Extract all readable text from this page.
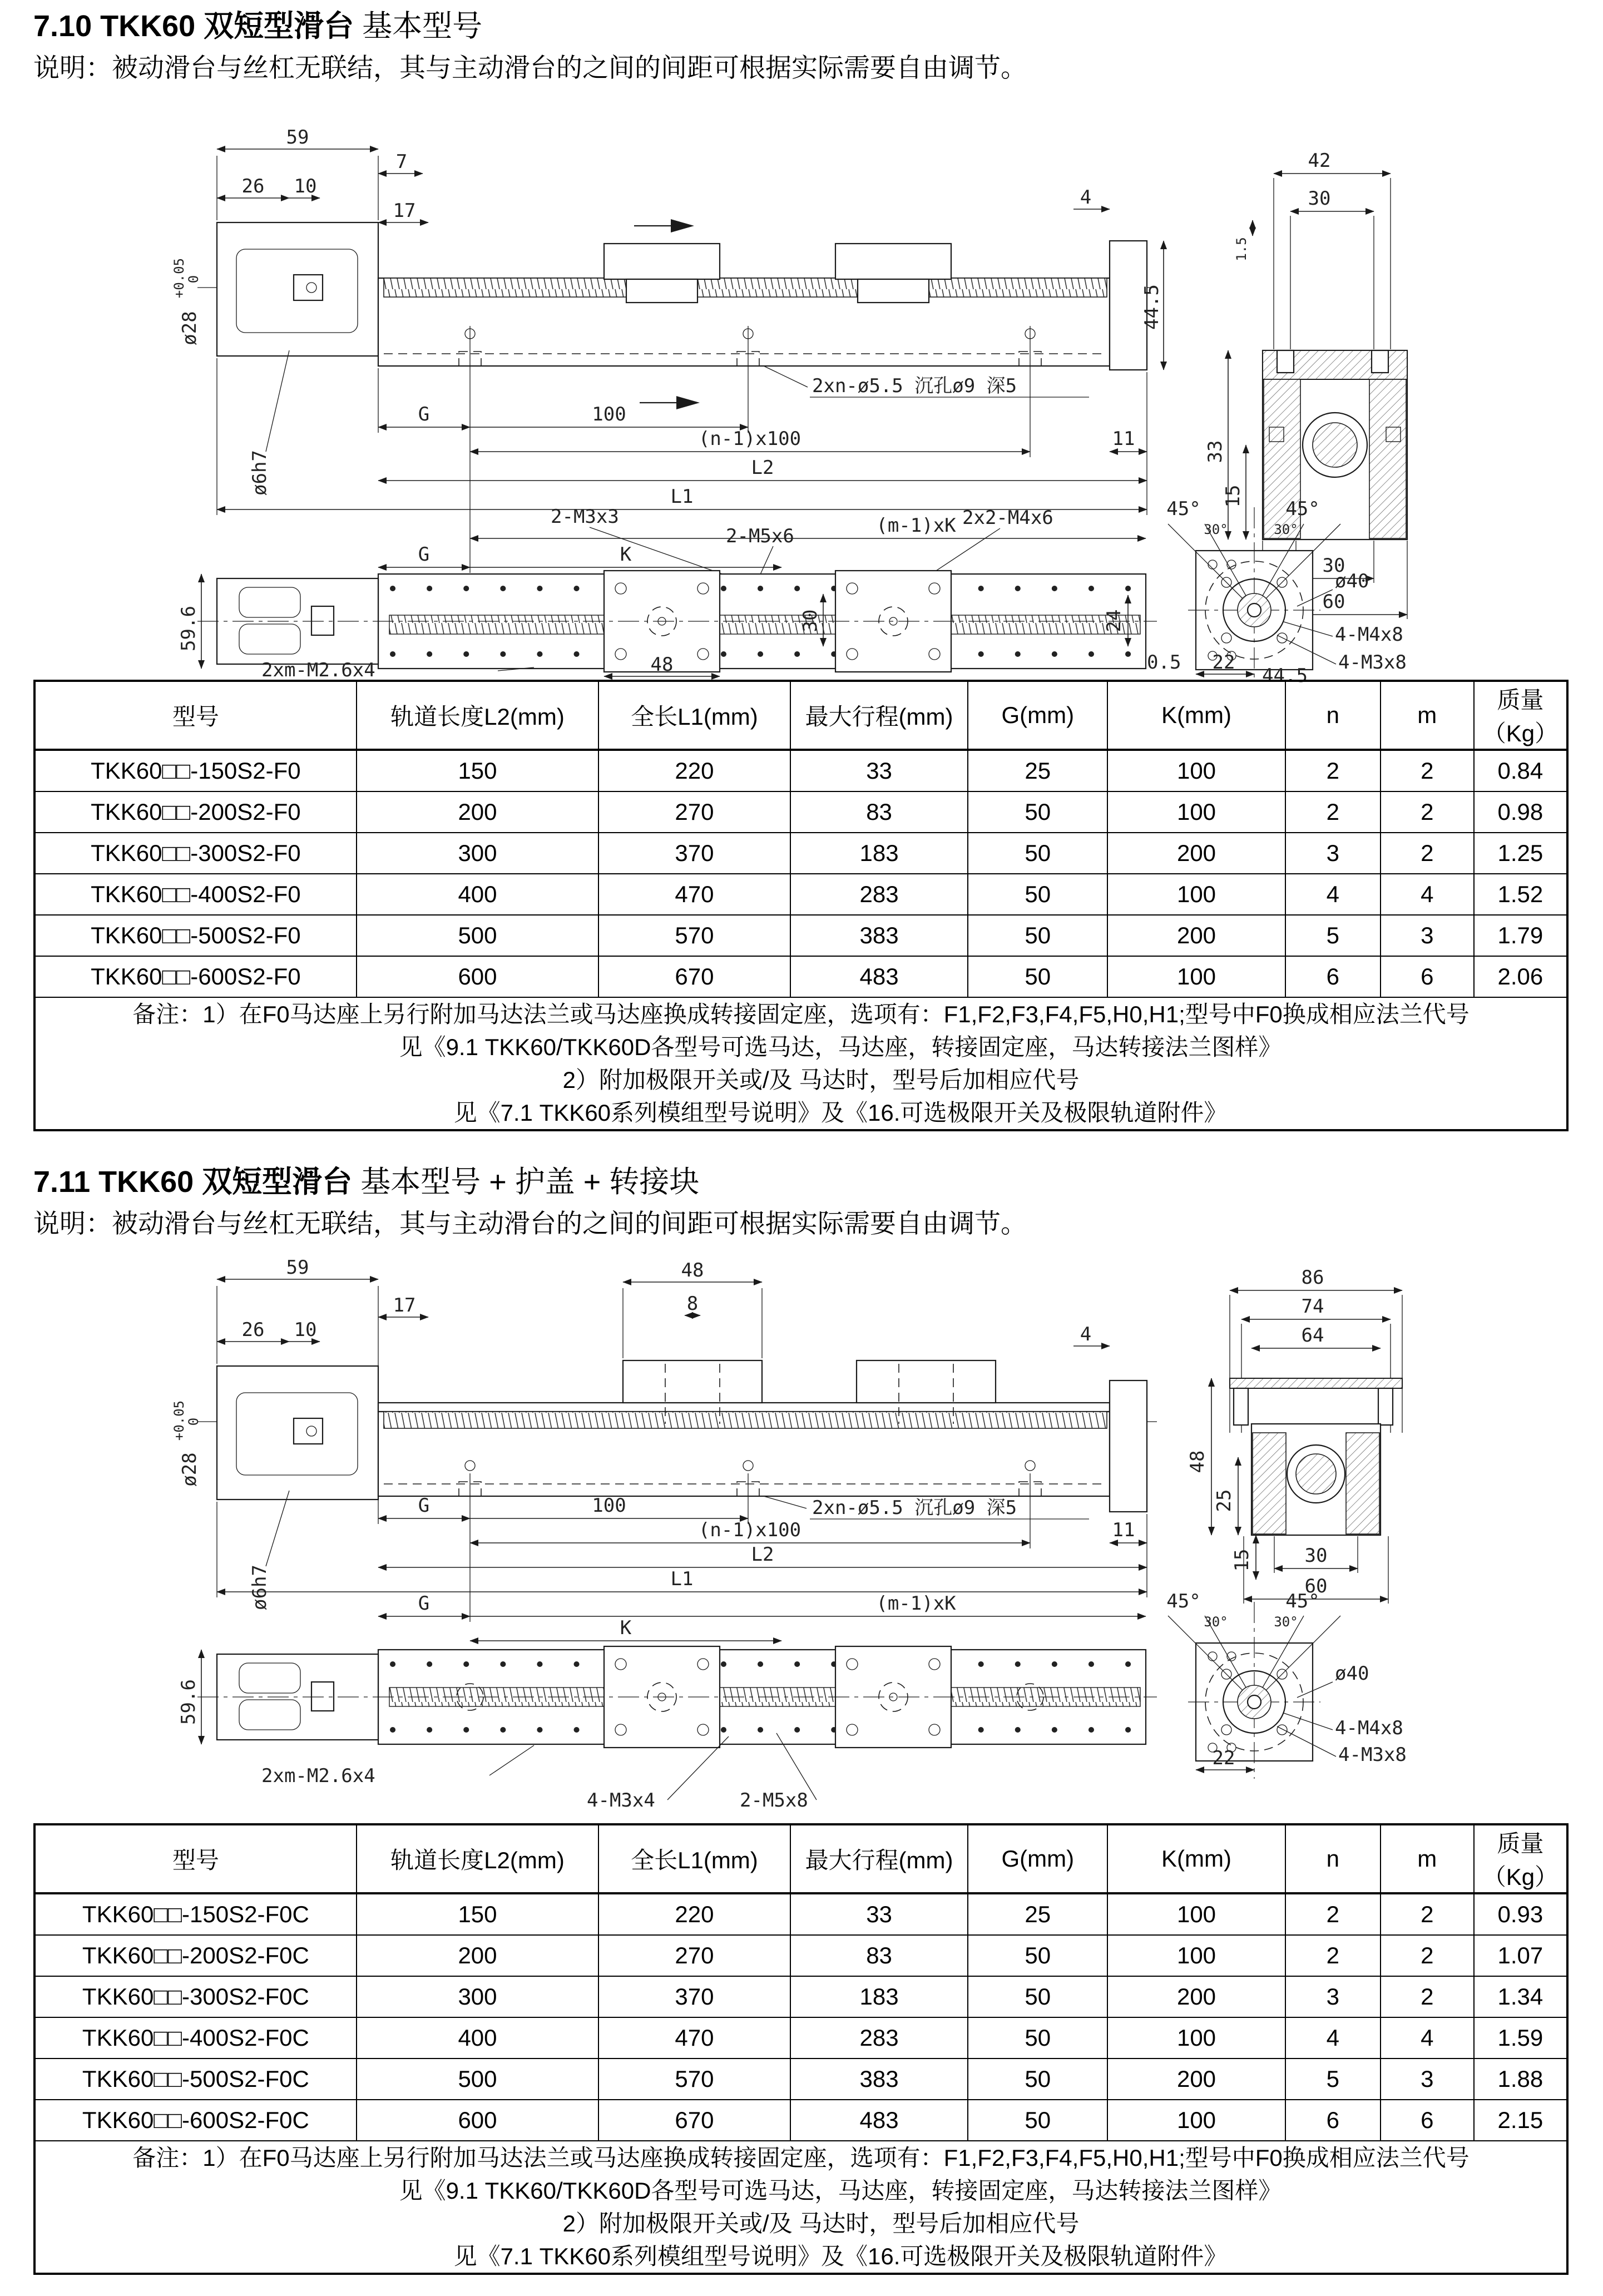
7.10 TKK60 双短型滑台 基本型号
说明：被动滑台与丝杠无联结，其与主动滑台的之间的间距可根据实际需要自由调节。
59
7
26 10
17
ø28
+0.05
0
ø6h7
4
44.5
2xn-ø5.5 沉孔ø9 深5
G	100
(n-1)x100	11
L2
L1
42
30
1.5
33
15
30
60
(m-1)xK
2-M3x3
2-M5x6
2x2-M4x6
G	K
59.6	30	24
48
2xm-M2.6x4	0.5
45°	45°
30°	30°
ø40
4-M4x8
4-M3x8
22
44.5
型号	轨道长度L2(mm)	全长L1(mm)	最大行程(mm)	G(mm)	K(mm)	n	m	质量（Kg）
TKK60□□-150S2-F0	150	220	33	25	100	2	2	0.84
TKK60□□-200S2-F0	200	270	83	50	100	2	2	0.98
TKK60□□-300S2-F0	300	370	183	50	200	3	2	1.25
TKK60□□-400S2-F0	400	470	283	50	100	4	4	1.52
TKK60□□-500S2-F0	500	570	383	50	200	5	3	1.79
TKK60□□-600S2-F0	600	670	483	50	100	6	6	2.06

备注：1）在F0马达座上另行附加马达法兰或马达座换成转接固定座，选项有：F1,F2,F3,F4,F5,H0,H1;型号中F0换成相应法兰代号
见《9.1 TKK60/TKK60D各型号可选马达，马达座，转接固定座，马达转接法兰图样》
2）附加极限开关或/及 马达时，型号后加相应代号
见《7.1 TKK60系列模组型号说明》及《16.可选极限开关及极限轨道附件》								
7.11 TKK60 双短型滑台 基本型号 + 护盖 + 转接块
说明：被动滑台与丝杠无联结，其与主动滑台的之间的间距可根据实际需要自由调节。
59
17
26 10
48
8
4
ø28
+0.05
0
ø6h7
2xn-ø5.5 沉孔ø9 深5
G	100
(n-1)x100	11
L2
L1
86
74
64
48
25
15	30
60
G	(m-1)xK
K
59.6
2xm-M2.6x4
4-M3x4	2-M5x8
45°	45°
30°	30°
ø40
4-M4x8
4-M3x8
22
型号	轨道长度L2(mm)	全长L1(mm)	最大行程(mm)	G(mm)	K(mm)	n	m	质量（Kg）
TKK60□□-150S2-F0C	150	220	33	25	100	2	2	0.93
TKK60□□-200S2-F0C	200	270	83	50	100	2	2	1.07
TKK60□□-300S2-F0C	300	370	183	50	200	3	2	1.34
TKK60□□-400S2-F0C	400	470	283	50	100	4	4	1.59
TKK60□□-500S2-F0C	500	570	383	50	200	5	3	1.88
TKK60□□-600S2-F0C	600	670	483	50	100	6	6	2.15

备注：1）在F0马达座上另行附加马达法兰或马达座换成转接固定座，选项有：F1,F2,F3,F4,F5,H0,H1;型号中F0换成相应法兰代号
见《9.1 TKK60/TKK60D各型号可选马达，马达座，转接固定座，马达转接法兰图样》
2）附加极限开关或/及 马达时，型号后加相应代号
见《7.1 TKK60系列模组型号说明》及《16.可选极限开关及极限轨道附件》								
